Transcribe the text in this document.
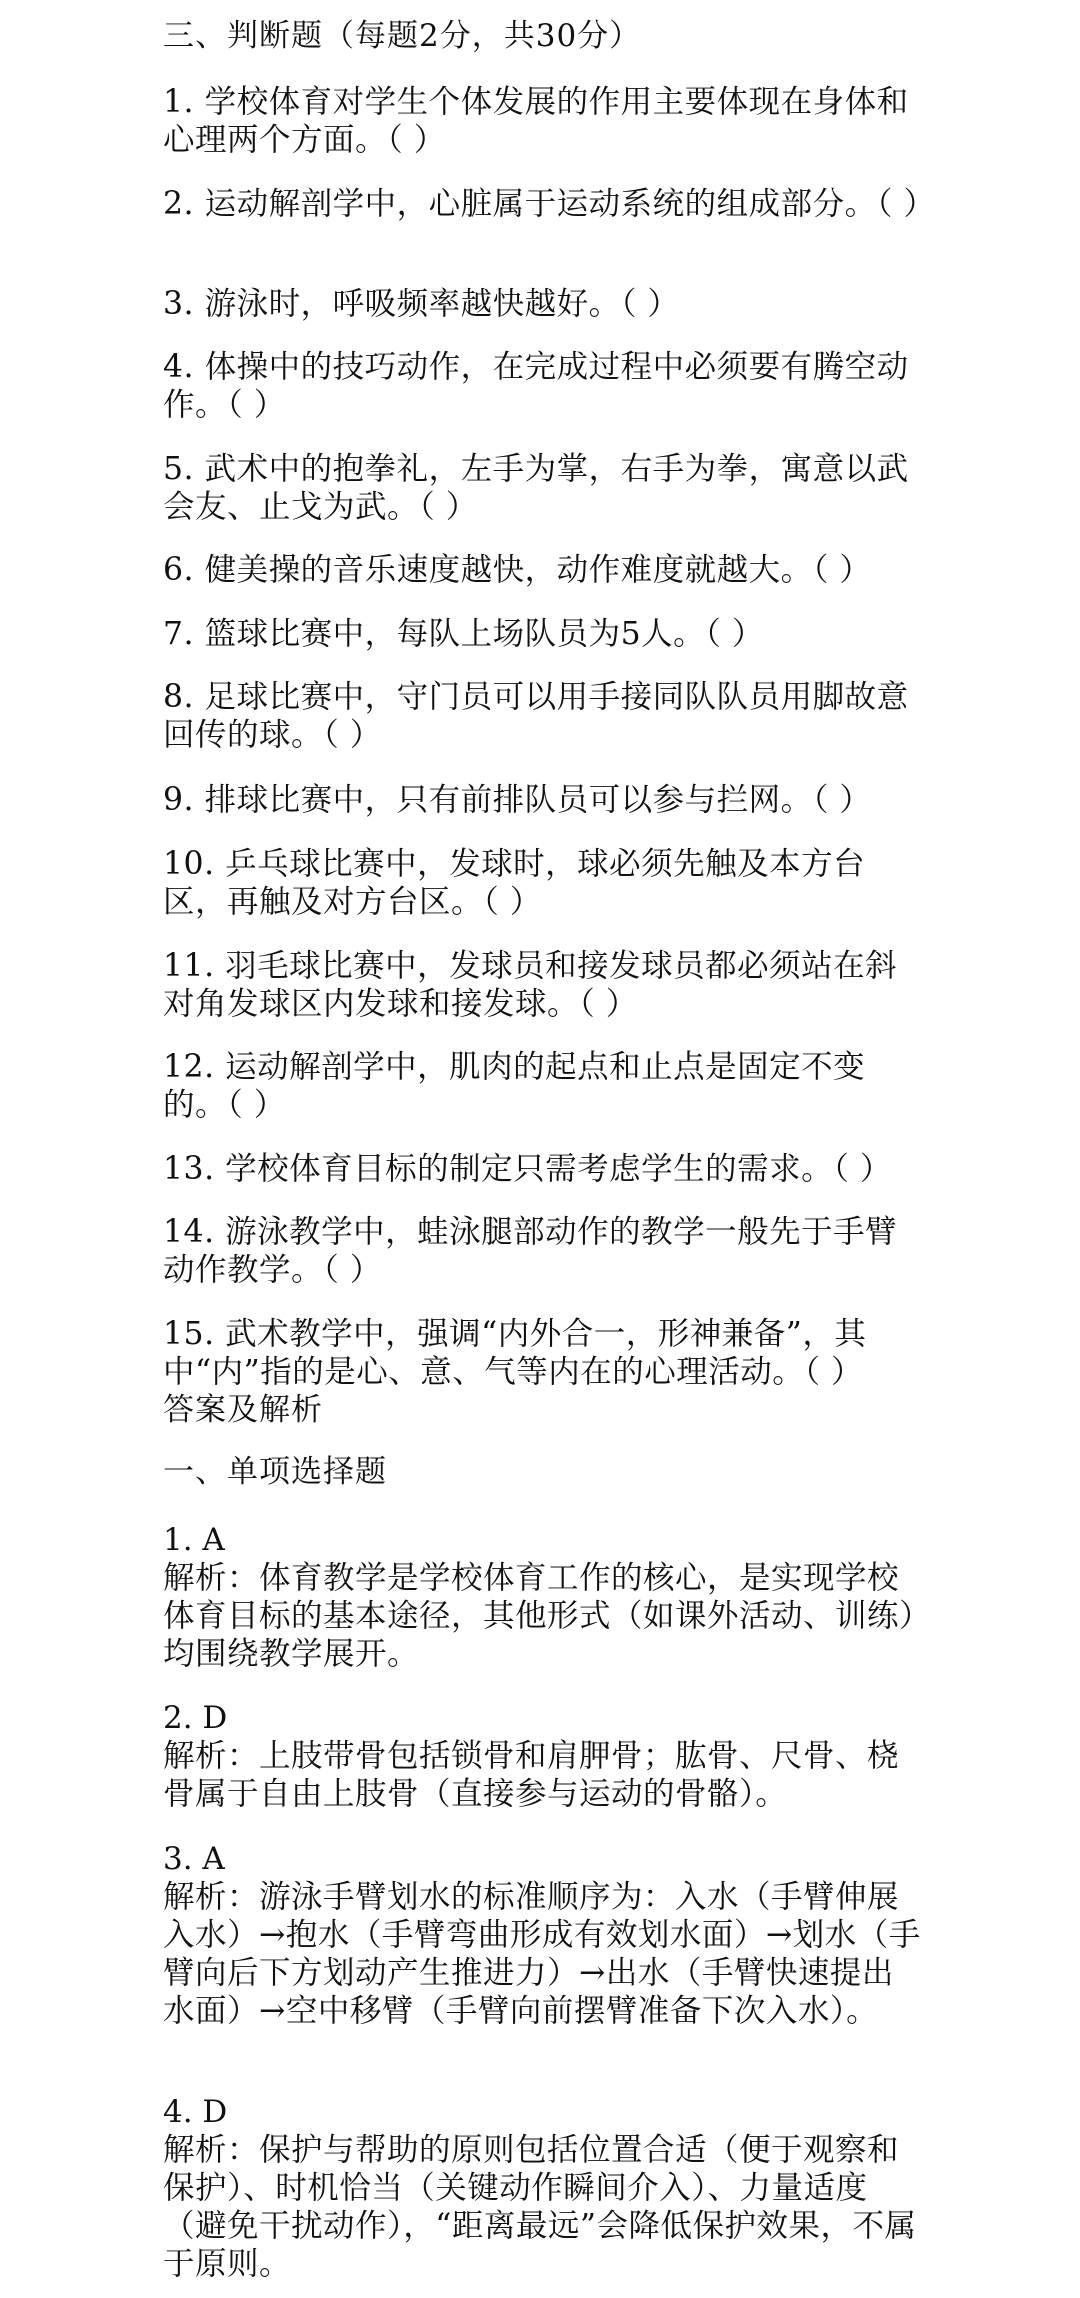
三、判断题（每题2分，共30分）
1. 学校体育对学生个体发展的作用主要体现在身体和心理两个方面。（ ）
2. 运动解剖学中，心脏属于运动系统的组成部分。（ ）
3. 游泳时，呼吸频率越快越好。（ ）
4. 体操中的技巧动作，在完成过程中必须要有腾空动作。（ ）
5. 武术中的抱拳礼，左手为掌，右手为拳，寓意以武会友、止戈为武。（ ）
6. 健美操的音乐速度越快，动作难度就越大。（ ）
7. 篮球比赛中，每队上场队员为5人。（ ）
8. 足球比赛中，守门员可以用手接同队队员用脚故意回传的球。（ ）
9. 排球比赛中，只有前排队员可以参与拦网。（ ）
10. 乒乓球比赛中，发球时，球必须先触及本方台区，再触及对方台区。（ ）
11. 羽毛球比赛中，发球员和接发球员都必须站在斜对角发球区内发球和接发球。（ ）
12. 运动解剖学中，肌肉的起点和止点是固定不变的。（ ）
13. 学校体育目标的制定只需考虑学生的需求。（ ）
14. 游泳教学中，蛙泳腿部动作的教学一般先于手臂动作教学。（ ）
15. 武术教学中，强调“内外合一，形神兼备”，其中“内”指的是心、意、气等内在的心理活动。（ ）
答案及解析
一、单项选择题
1. A
解析：体育教学是学校体育工作的核心，是实现学校体育目标的基本途径，其他形式（如课外活动、训练）均围绕教学展开。
2. D
解析：上肢带骨包括锁骨和肩胛骨；肱骨、尺骨、桡骨属于自由上肢骨（直接参与运动的骨骼）。
3. A
解析：游泳手臂划水的标准顺序为：入水（手臂伸展入水）→抱水（手臂弯曲形成有效划水面）→划水（手臂向后下方划动产生推进力）→出水（手臂快速提出水面）→空中移臂（手臂向前摆臂准备下次入水）。
4. D
解析：保护与帮助的原则包括位置合适（便于观察和保护）、时机恰当（关键动作瞬间介入）、力量适度（避免干扰动作），“距离最远”会降低保护效果，不属于原则。
